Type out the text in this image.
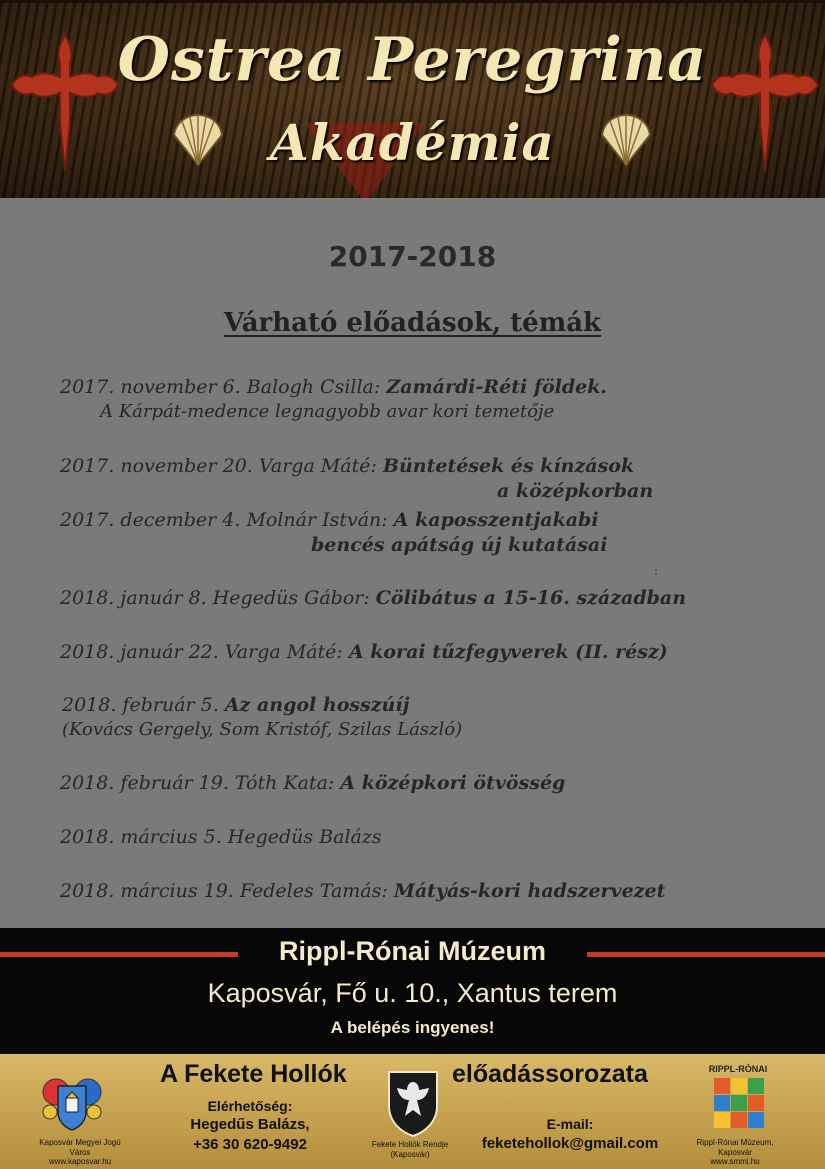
Ostrea Peregrina
Akadémia
2017-2018
Várható előadások, témák
2017. november 6. Balogh Csilla: Zamárdi-Réti földek.
A Kárpát-medence legnagyobb avar kori temetője
2017. november 20. Varga Máté: Büntetések és kínzások
a középkorban
2017. december 4. Molnár István: A kaposszentjakabi
bencés apátság új kutatásai
:
2018. január 8. Hegedüs Gábor: Cölibátus a 15-16. században
2018. január 22. Varga Máté: A korai tűzfegyverek (II. rész)
2018. február 5. Az angol hosszúíj
(Kovács Gergely, Som Kristóf, Szilas László)
2018. február 19. Tóth Kata: A középkori ötvösség
2018. március 5. Hegedüs Balázs
2018. március 19. Fedeles Tamás: Mátyás-kori hadszervezet
Rippl-Rónai Múzeum
Kaposvár, Fő u. 10., Xantus terem
A belépés ingyenes!
A Fekete Hollók	előadássorozata
Elérhetőség:
Hegedűs Balázs,
+36 30 620-9492
E-mail:
feketehollok@gmail.com
Kaposvár Megyei Jogú Város
www.kaposvar.hu
Fekete Hollók Rendje
(Kaposvár)
RIPPL-RÓNAI
Rippl-Rónai Múzeum, Kaposvár
www.smmi.hu
